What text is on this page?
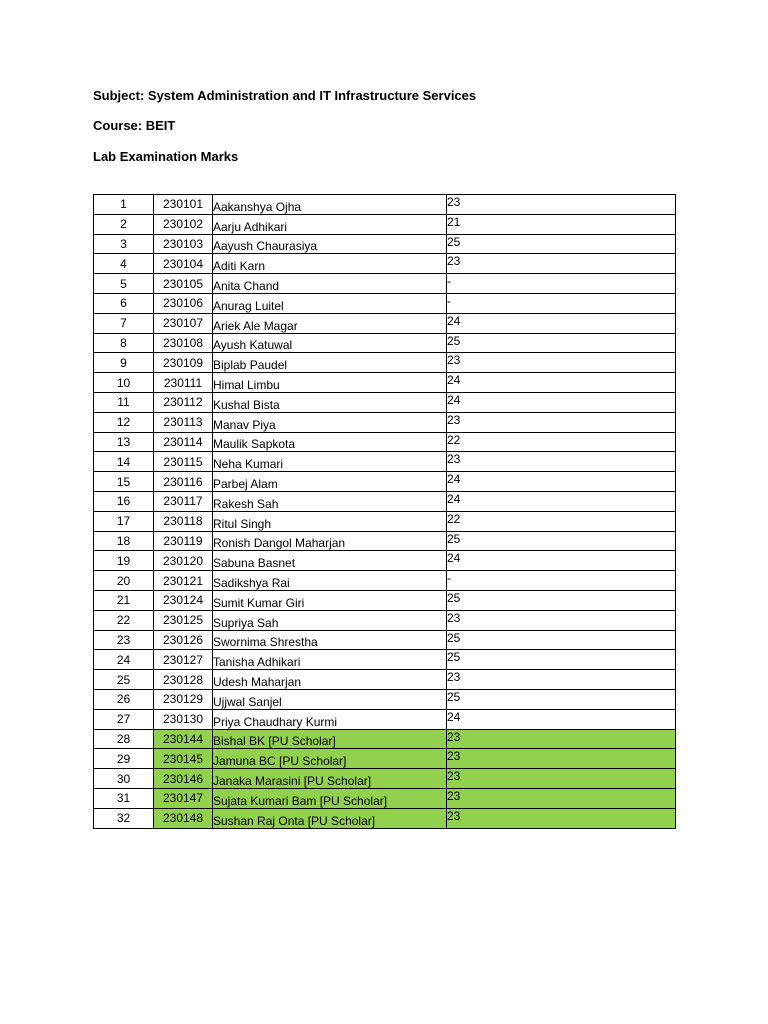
Subject: System Administration and IT Infrastructure Services
Course: BEIT
Lab Examination Marks
1	230101	Aakanshya Ojha	23
2	230102	Aarju Adhikari	21
3	230103	Aayush Chaurasiya	25
4	230104	Aditi Karn	23
5	230105	Anita Chand	-
6	230106	Anurag Luitel	-
7	230107	Ariek Ale Magar	24
8	230108	Ayush Katuwal	25
9	230109	Biplab Paudel	23
10	230111	Himal Limbu	24
11	230112	Kushal Bista	24
12	230113	Manav Piya	23
13	230114	Maulik Sapkota	22
14	230115	Neha Kumari	23
15	230116	Parbej Alam	24
16	230117	Rakesh Sah	24
17	230118	Ritul Singh	22
18	230119	Ronish Dangol Maharjan	25
19	230120	Sabuna Basnet	24
20	230121	Sadikshya Rai	-
21	230124	Sumit Kumar Giri	25
22	230125	Supriya Sah	23
23	230126	Swornima Shrestha	25
24	230127	Tanisha Adhikari	25
25	230128	Udesh Maharjan	23
26	230129	Ujjwal Sanjel	25
27	230130	Priya Chaudhary Kurmi	24
28	230144	Bishal BK [PU Scholar]	23
29	230145	Jamuna BC [PU Scholar]	23
30	230146	Janaka Marasini [PU Scholar]	23
31	230147	Sujata Kumari Bam [PU Scholar]	23
32	230148	Sushan Raj Onta [PU Scholar]	23
